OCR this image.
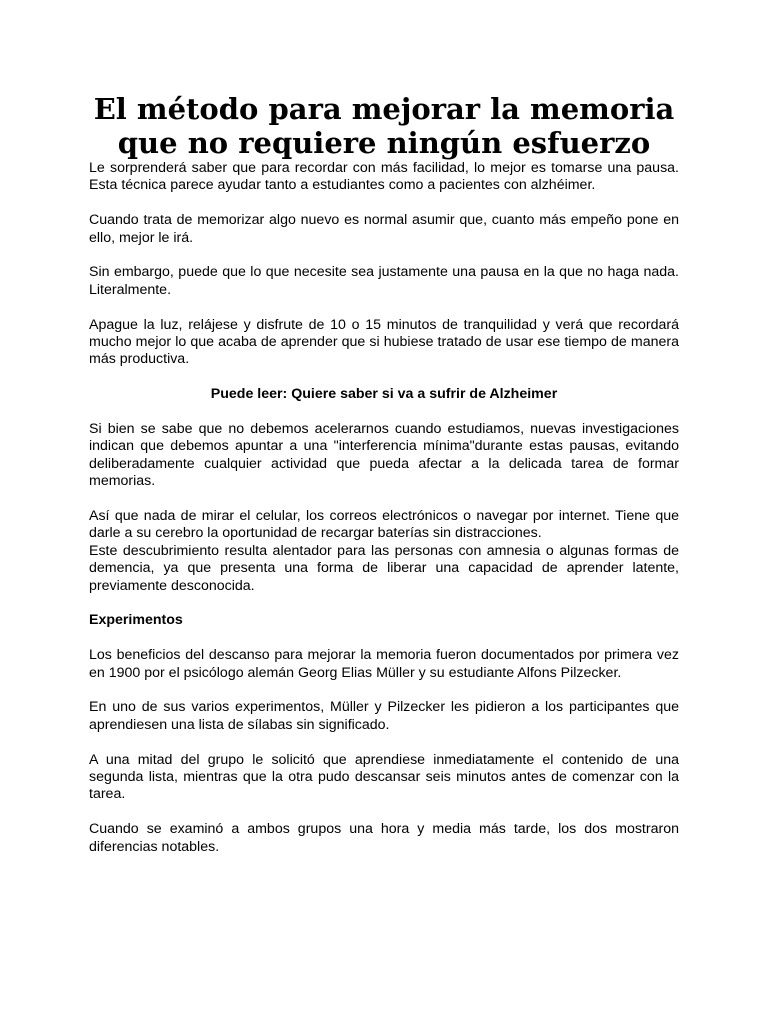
El método para mejorar la memoria
que no requiere ningún esfuerzo

Le sorprenderá saber que para recordar con más facilidad, lo mejor es tomarse una pausa. Esta técnica parece ayudar tanto a estudiantes como a pacientes con alzhéimer.

Cuando trata de memorizar algo nuevo es normal asumir que, cuanto más empeño pone en ello, mejor le irá.

Sin embargo, puede que lo que necesite sea justamente una pausa en la que no haga nada. Literalmente.

Apague la luz, relájese y disfrute de 10 o 15 minutos de tranquilidad y verá que recordará mucho mejor lo que acaba de aprender que si hubiese tratado de usar ese tiempo de manera más productiva.

Puede leer: Quiere saber si va a sufrir de Alzheimer

Si bien se sabe que no debemos acelerarnos cuando estudiamos, nuevas investigaciones indican que debemos apuntar a una "interferencia mínima"durante estas pausas, evitando deliberadamente cualquier actividad que pueda afectar a la delicada tarea de formar memorias.

Así que nada de mirar el celular, los correos electrónicos o navegar por internet. Tiene que darle a su cerebro la oportunidad de recargar baterías sin distracciones.

Este descubrimiento resulta alentador para las personas con amnesia o algunas formas de demencia, ya que presenta una forma de liberar una capacidad de aprender latente, previamente desconocida.

Experimentos

Los beneficios del descanso para mejorar la memoria fueron documentados por primera vez en 1900 por el psicólogo alemán Georg Elias Müller y su estudiante Alfons Pilzecker.

En uno de sus varios experimentos, Müller y Pilzecker les pidieron a los participantes que aprendiesen una lista de sílabas sin significado.

A una mitad del grupo le solicitó que aprendiese inmediatamente el contenido de una segunda lista, mientras que la otra pudo descansar seis minutos antes de comenzar con la tarea.

Cuando se examinó a ambos grupos una hora y media más tarde, los dos mostraron diferencias notables.
